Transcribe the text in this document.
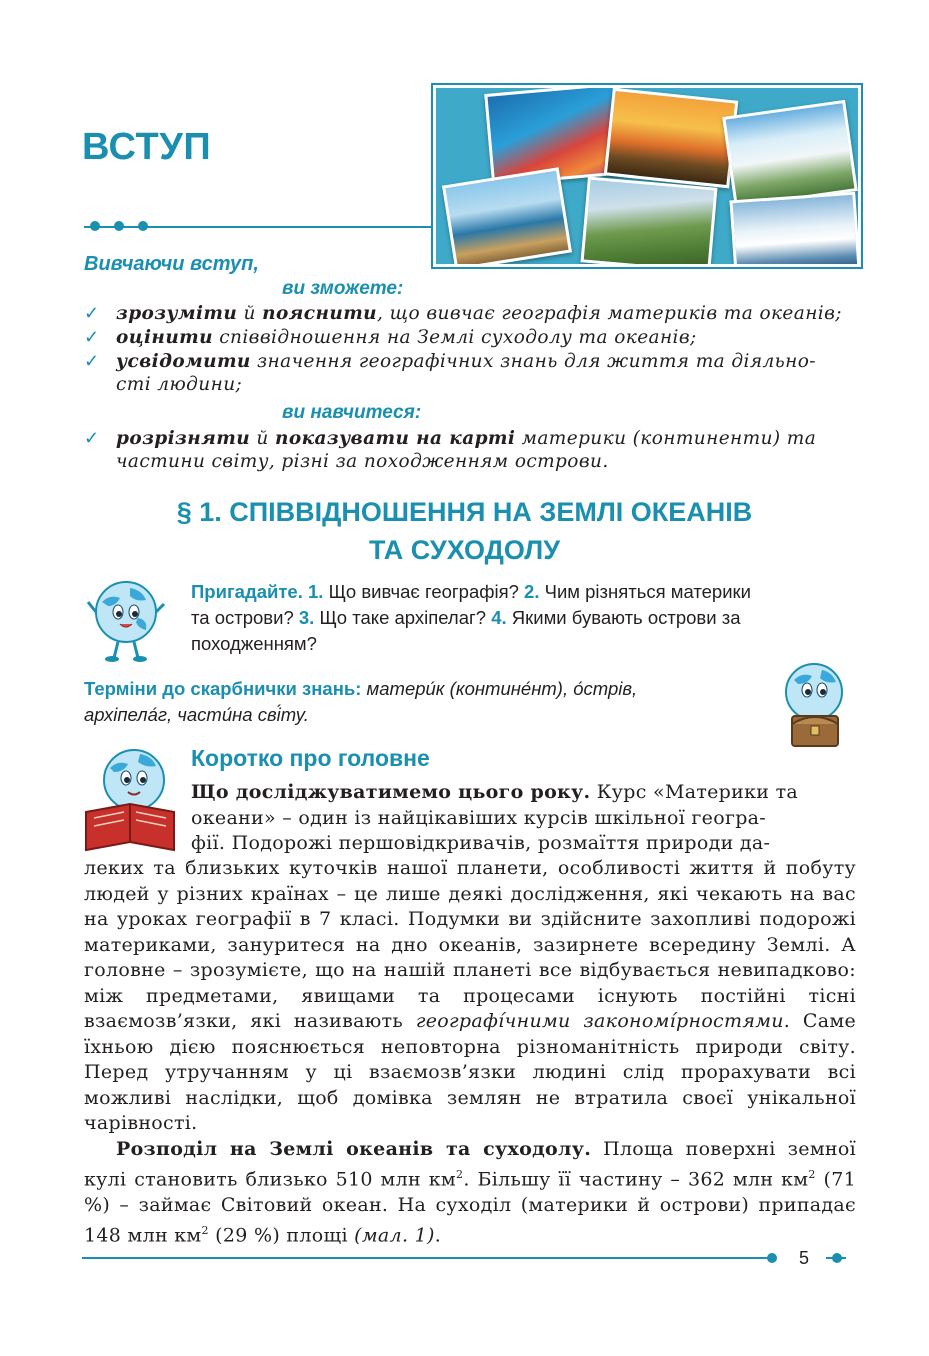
ВСТУП
Вивчаючи вступ,
ви зможете:
✓ зрозуміти й пояснити, що вивчає географія материків та океанів;
✓ оцінити співвідношення на Землі суходолу та океанів;
✓ усвідомити значення географічних знань для життя та діяльно-
сті людини;
ви навчитеся:
✓ розрізняти й показувати на карті материки (континенти) та
частини світу, різні за походженням острови.
§ 1. СПІВВІДНОШЕННЯ НА ЗЕМЛІ ОКЕАНІВ
ТА СУХОДОЛУ
Пригадайте. 1. Що вивчає географія? 2. Чим різняться материки
та острови? 3. Що таке архіпелаг? 4. Якими бувають острови за
походженням?
Терміни до скарбнички знань: матери́к (контине́нт), о́стрів,
архіпела́г, части́на сві́ту.
Коротко про головне
Що досліджуватимемо цього року. Курс «Материки та
океани» – один із найцікавіших курсів шкільної геогра-
фії. Подорожі першовідкривачів, розмаїття природи да-

леких та близьких куточків нашої планети, особливості життя й побуту людей у різних країнах – це лише деякі дослідження, які чекають на вас на уроках географії в 7 класі. Подумки ви здійсните захопливі подорожі материками, зануритеся на дно океанів, зазирнете всередину Землі. А головне – зрозумієте, що на нашій планеті все відбувається невипадково: між предметами, явищами та процесами існують постійні тісні взаємозв’язки, які називають географі́чними закономі́рностями. Саме їхньою дією пояснюється неповторна різноманітність природи світу. Перед утручанням у ці взаємозв’язки людині слід прорахувати всі можливі наслідки, щоб домівка землян не втратила своєї унікальної чарівності.

Розподіл на Землі океанів та суходолу. Площа поверхні земної кулі становить близько 510 млн $км^2$. Більшу її частину – 362 млн $км^2$ (71 %) – займає Світовий океан. На суходіл (материки й острови) припадає 148 млн $км^2$ (29 %) площі (мал. 1).

5
